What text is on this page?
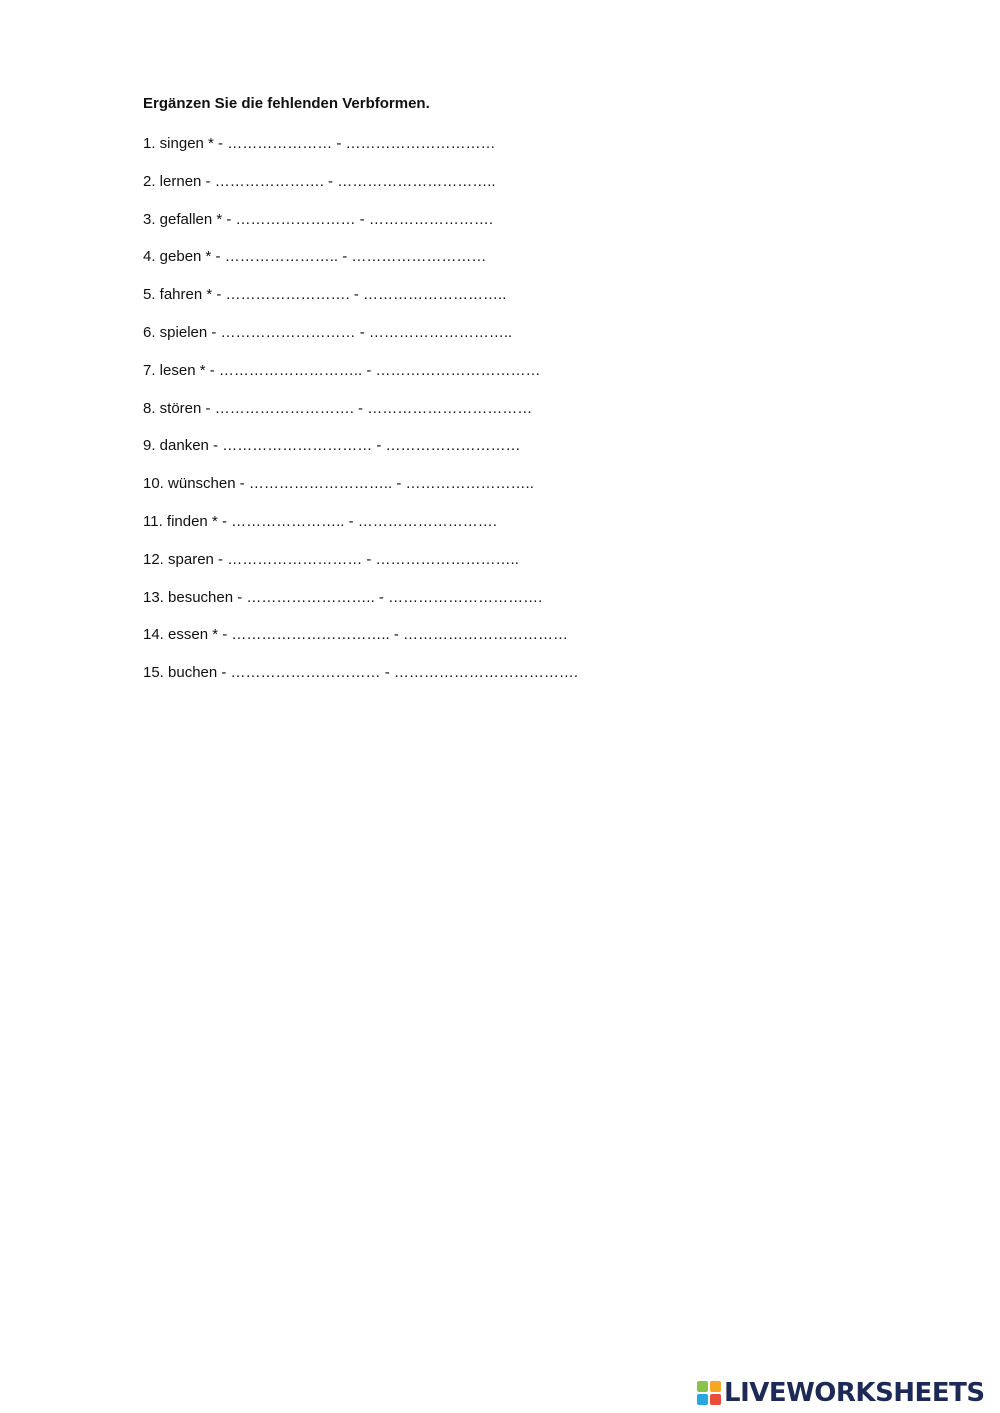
Ergänzen Sie die fehlenden Verbformen.
1. singen * - ………………… - …………………………
2. lernen - …………………. - …………………………..
3. gefallen * - …………………… - …………………….
4. geben * - ………………….. - ………………………
5. fahren * - ……………………. - ………………………..
6. spielen - ……………………… - ………………………..
7. lesen * - ……………………….. - ……………………………
8. stören - ………………………. - ……………………………
9. danken - ………………………… - ………………………
10. wünschen - ……………………….. - ……………………..
11. finden * - ………………….. - ……………………….
12. sparen - ……………………… - ………………………..
13. besuchen - …………………….. - ………………………….
14. essen * - ………………………….. - ……………………………
15. buchen - ………………………… - ……………………………….
LIVEWORKSHEETS
